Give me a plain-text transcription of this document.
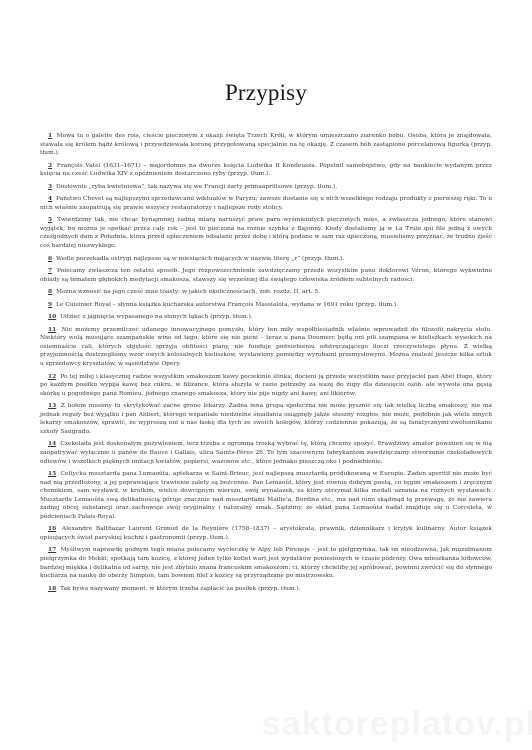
Przypisy

1 Mowa tu o galette des rois, cieście pieczonym z okazji święta Trzech Króli, w którym umieszczano ziarenko bobu. Osoba, która je znajdowała, stawała się królem bądź królową i przywdziewała koronę przygotowaną specjalnie na tę okazję. Z czasem bób zastąpiono porcelanową figurką (przyp. tłum.).

2 François Vatel (1631–1671) – majordomus na dworze księcia Ludwika II Kondeusza. Popełnił samobójstwo, gdy na bankiecie wydanym przez księcia na cześć Ludwika XIV z opóźnieniem dostarczono ryby (przyp. tłum.).

3 Dosłownie „ryba kwietniowa”, tak nazywa się we Francji żarty primaaprilisowe (przyp. tłum.).

4 Państwo Chevet są najlepszymi sprzedawcami wiktuałów w Paryżu; zawsze dostanie się u nich wszelkiego rodzaju produkty z pierwszej ręki. To u nich właśnie zaopatrują się prawie wszyscy restauratorzy i najlepsze rody stolicy.

5 Twierdzimy tak, nie chcąc bynajmniej żadną miarą naruszyć praw paru wyśmienitych pieczonych mięs, a zwłaszcza jednego, które stanowi wyjątek, bo można je spotkać przez cały rok – jest to pieczona na rożnie szynka z Bajonny. Kiedy dostaliśmy ją w La Truie qui file jedną z owych cześgodnych dam z Południa, która przed upieczeniem odsalano przez dobę i którą podano w sam raz upieczoną, musieliśmy przyznać, że trudno zjeść coś bardziej niezwykłego.

6 Wedle porzekadła ostrygi najlepsze są w miesiącach mających w nazwie literę „r” (przyp. tłum.).

7 Polecamy zwłaszcza ten ostatni sposób. Jego rozpowszechnienie zawdzięczamy przede wszystkim panu doktorowi Véron, którego wykwintne obiady są tematem głębokich medytacji smakosza, stawszy się wcześniej dla świątego człowieka źródłem subtelnych radości.

8 Można wznosić na jego cześć inne toasty: w jakich okolicznościach, zob. rozdz. II, art. 5.

9 Le Cuisinier Royal – słynna książka kucharska autorstwa François Massialota, wydana w 1691 roku (przyp. tłum.).

10 Udziec z jagnięcia wypasanego na słonych łąkach (przyp. tłum.).

11 Nie możemy przemilczeć udanego innowacyjnego pomysłu, który ten miły współbiesiadnik właśnie wprowadził do filozofii nakrycia stołu. Niektóry wolą musujące szampańskie wino od tego, które się nie pieni – teraz u pana Doumerc będą oni pili szampana w kieliszkach wysokich na osiemnaście cali, których objętość sprzyja obfitości piany, nie funduje podniebieniu odstręczającego iloczi rzeczywistego płynu. Z wielką przyjemnością dostrzegliśmy wzór owych kolosalnych kieliszków, wystawiony pomiędzy wyrobami przemysłowymi. Można znaleźć jeszcze kilka sztuk u sprzedawcy kryształów, w sąsiedztwie Opery.

12 Po tej miłej i klasycznej radzie wszystkim smakoszom kawy pociekinie ślinka; docieni ją przede wszystkim nasz przyjaciel pan Abel Hugo, który po każdym posiłku wypija kawę bez cukru, w filiżance, która służyła w razie potrzeby za wazę do zupy dla dziesięciu osób, ale wywoła ona gęsią skórkę u pogodnego pana Romieu, jednego znanego smakosza, który nie pije nigdy ani kawy, ani likierów.

13 Z hołem musimy tu skrytykować zacne grono lekarzy. Żadna inna grupa społeczna nie może pysznić się tak wielką liczbą smakoszy, nie ma jednak reguły bez wyjątku i pan Alibert, którego wspaniałe niedzielne śniadania osiągnęły jakże słuszny rozgłos, nie może, podobnie jak wielu innych lekarzy smakoszów, sprawić, że wyproszą oni u nas łaskę dla tych ze swoich kolegów, którzy codziennie pokazują, że są fanatycznymi zwolennikami szkoły Sangrado.

14 Czekolada jest doskonałym pożywieniem, lecz trzeba z ogromną troską wybrać tę, którą chcemy spożyć. Prawdziwy amator powinien się w nią zaopatrywać wyłącznie u panów de Bauve i Gallais, ulica Saints-Pères 26. To tym szacownym fabrykantom zawdzięczamy stworzenie czekoladowych odlewów i wszelkich pięknych imitacji kwiatów, popiersi, wazonów etc., które jednako pieszczą oko i podniebienie.

15 Celtycka musztarda pana Lemaoûta, aptekarza w Saint-Brieuc, jest najlepszą musztardą produkowaną w Europie. Żaden aperitif nie może być nad nią przedłożony, a jej poprawiające trawienie zalety są bezcenne. Pan Lemaoût, który jest równie dobrym poetą, co tęgim smakoszem i zręcznym chemikiem, sam wysławił, w krótkim, wielce dowcipnym wierszu, swój wynalazek, za który otrzymał kilka medali uznania na różnych wystawach. Musztarda Lemaoûta swą delikatnością góruje znacznie nad musztardami Maille’a, Bordina etc., ma nad nimi skądinąd tę przewagę, że nie zawiera żadnej obcej substancji oraz zachowuje swój oryginalny i naturalny smak. Sądzimy, że skład pana Lemaoûta nadal znajduje się u Corceleta, w podcieniach Palais-Royal.

16 Alexandre Balthazar Laurent Grimod de la Reynière (1758–1837) – arystokrata, prawnik, dziennikarz i krytyk kulinarny. Autor książek opisujących świat paryskiej kuchni i gastronomii (przyp. tłum.).

17 Myśliwym naprawdę godnym tego miana polecamy wycieczkę w Alpy lub Pireneje – jest to pielgrzymka, tak im nieodzowna, jak muzułmanom pielgrzymka do Mekki; spotkają tam kozicę, z której jeden tylko kotlet wart jest wydatków poniesionych w czasie podróży. Owa mieszkanka lodowców, bardziej miękka i delikatna od sarny, nie jest zbytnio znana francuskim smakoszom; ci, którzy chcieliby jej spróbować, powinni zwrócić się do słynnego kucharza na naukę do oberży Simpion, tam bowiem filet z kozicy są przyrządzane po mistrzowsku.

18 Tak bywa nazywany moment, w którym trzeba zapłacić za posiłek (przyp. tłum.).
